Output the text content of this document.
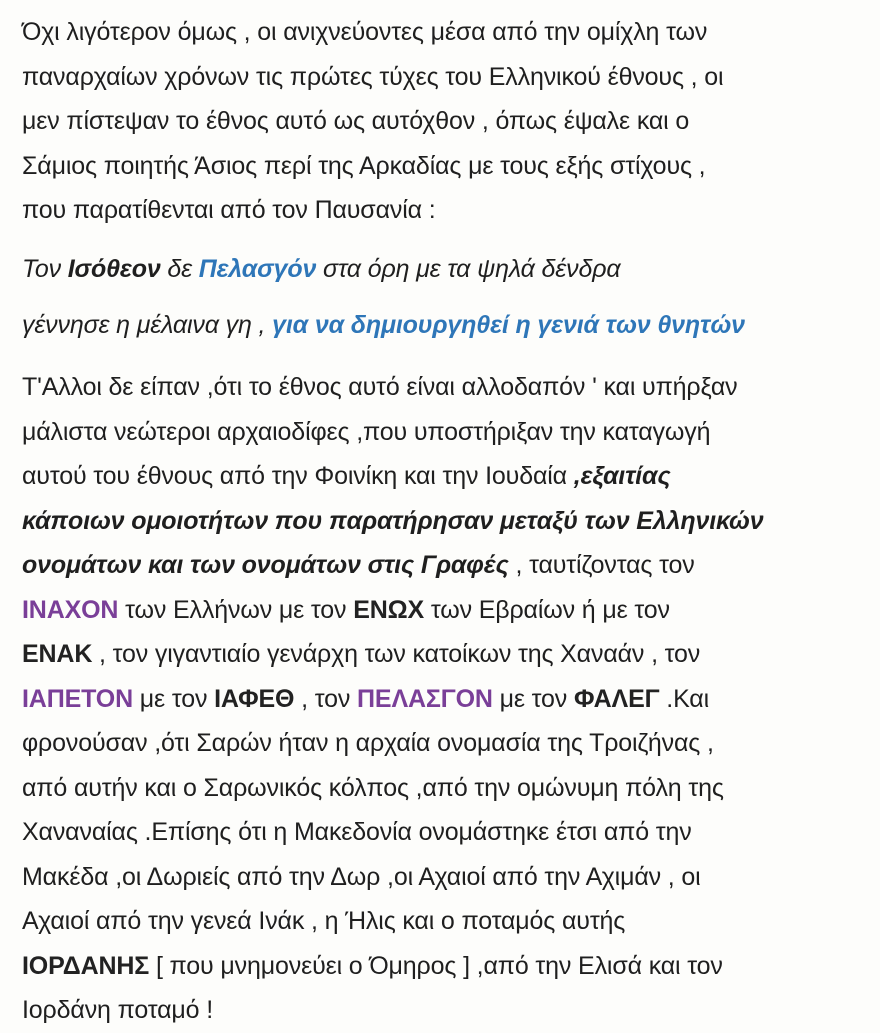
Όχι λιγότερον όμως , οι ανιχνεύοντες μέσα από την ομίχλη των
παναρχαίων χρόνων τις πρώτες τύχες του Ελληνικού έθνους , οι
μεν πίστεψαν το έθνος αυτό ως αυτόχθον , όπως έψαλε και ο
Σάμιος ποιητής Άσιος περί της Αρκαδίας με τους εξής στίχους ,
που παρατίθενται από τον Παυσανία :
Τον Ισόθεον δε Πελασγόν στα όρη με τα ψηλά δένδρα
γέννησε η μέλαινα γη , για να δημιουργηθεί η γενιά των θνητών
Τ'Αλλοι δε είπαν ,ότι το έθνος αυτό είναι αλλοδαπόν ' και υπήρξαν
μάλιστα νεώτεροι αρχαιοδίφες ,που υποστήριξαν την καταγωγή
αυτού του έθνους από την Φοινίκη και την Ιουδαία ,εξαιτίας
κάποιων ομοιοτήτων που παρατήρησαν μεταξύ των Ελληνικών
ονομάτων και των ονομάτων στις Γραφές , ταυτίζοντας τον
ΙΝΑΧΟΝ των Ελλήνων με τον ΕΝΩΧ των Εβραίων ή με τον
ΕΝΑΚ , τον γιγαντιαίο γενάρχη των κατοίκων της Χαναάν , τον
ΙΑΠΕΤΟΝ με τον ΙΑΦΕΘ , τον ΠΕΛΑΣΓΟΝ με τον ΦΑΛΕΓ .Και
φρονούσαν ,ότι Σαρών ήταν η αρχαία ονομασία της Τροιζήνας ,
από αυτήν και ο Σαρωνικός κόλπος ,από την ομώνυμη πόλη της
Χαναναίας .Επίσης ότι η Μακεδονία ονομάστηκε έτσι από την
Μακέδα ,οι Δωριείς από την Δωρ ,οι Αχαιοί από την Αχιμάν , οι
Αχαιοί από την γενεά Ινάκ , η Ήλις και ο ποταμός αυτής
ΙΟΡΔΑΝΗΣ [ που μνημονεύει ο Όμηρος ] ,από την Ελισά και τον
Ιορδάνη ποταμό !
